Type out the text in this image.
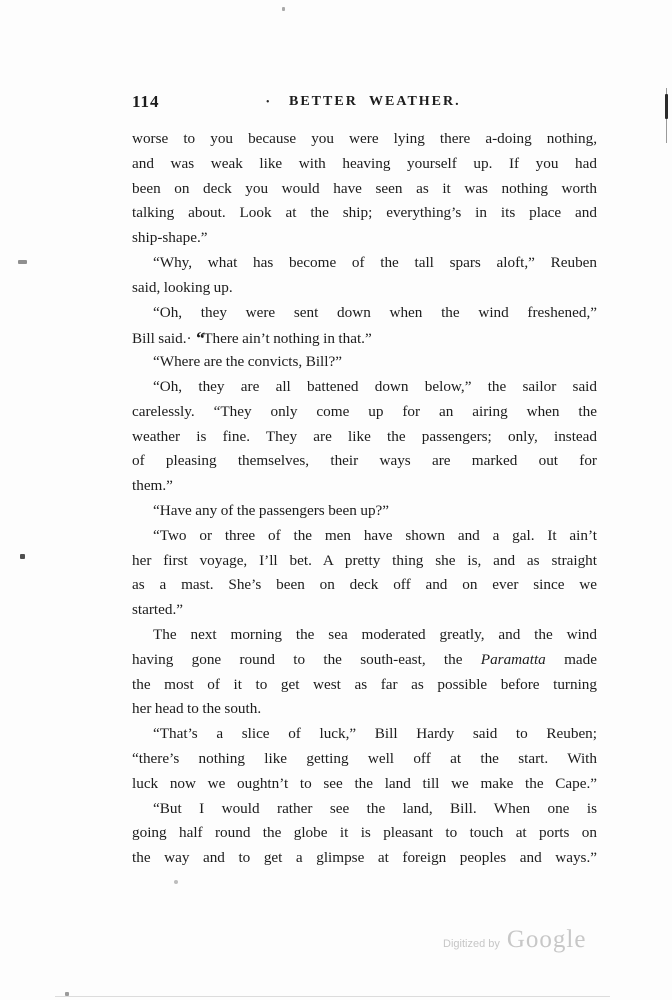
114	• BETTER WEATHER.
worse to you because you were lying there a-doing nothing,
and was weak like with heaving yourself up. If you had
been on deck you would have seen as it was nothing worth
talking about. Look at the ship; everything’s in its place and
ship-shape.”
“Why, what has become of the tall spars aloft,” Reuben
said, looking up.
“Oh, they were sent down when the wind freshened,”
Bill said.· “There ain’t nothing in that.”
“Where are the convicts, Bill?”
“Oh, they are all battened down below,” the sailor said
carelessly. “They only come up for an airing when the
weather is fine. They are like the passengers; only, instead
of pleasing themselves, their ways are marked out for
them.”
“Have any of the passengers been up?”
“Two or three of the men have shown and a gal. It ain’t
her first voyage, I’ll bet. A pretty thing she is, and as straight
as a mast. She’s been on deck off and on ever since we
started.”
The next morning the sea moderated greatly, and the wind
having gone round to the south-east, the Paramatta made
the most of it to get west as far as possible before turning
her head to the south.
“That’s a slice of luck,” Bill Hardy said to Reuben;
“there’s nothing like getting well off at the start. With
luck now we oughtn’t to see the land till we make the Cape.”
“But I would rather see the land, Bill. When one is
going half round the globe it is pleasant to touch at ports on
the way and to get a glimpse at foreign peoples and ways.”
Digitized by Google
